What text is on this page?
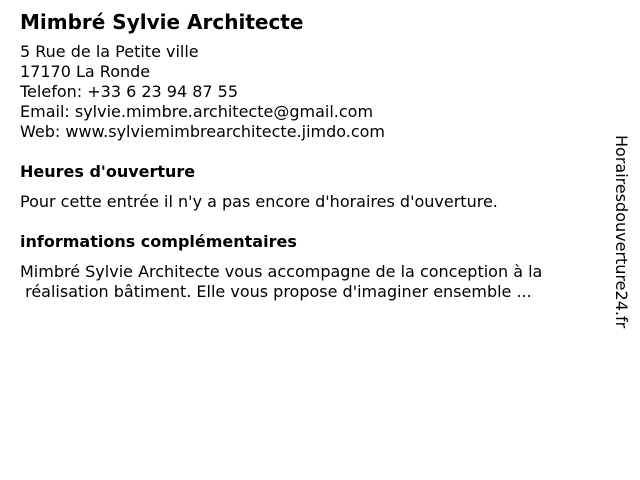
Mimbré Sylvie Architecte
5 Rue de la Petite ville
17170 La Ronde
Telefon: +33 6 23 94 87 55
Email: sylvie.mimbre.architecte@gmail.com
Web: www.sylviemimbrearchitecte.jimdo.com
Heures d'ouverture
Pour cette entrée il n'y a pas encore d'horaires d'ouverture.
informations complémentaires
Mimbré Sylvie Architecte vous accompagne de la conception à la
réalisation bâtiment. Elle vous propose d'imaginer ensemble ...	Horairesdouverture24.fr
